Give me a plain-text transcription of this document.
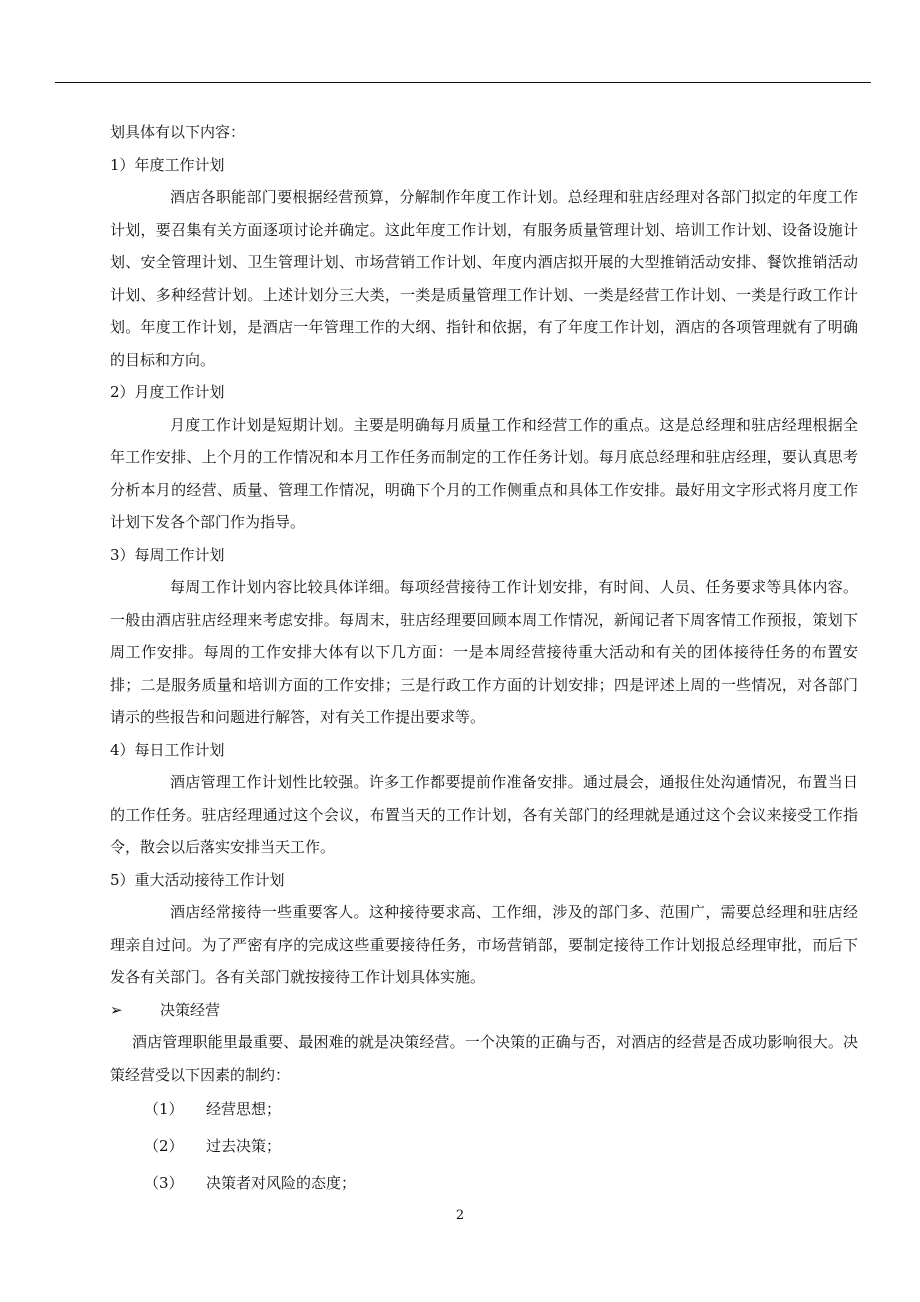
划具体有以下内容：
1）年度工作计划
酒店各职能部门要根据经营预算，分解制作年度工作计划。总经理和驻店经理对各部门拟定的年度工作计划，要召集有关方面逐项讨论并确定。这此年度工作计划，有服务质量管理计划、培训工作计划、设备设施计划、安全管理计划、卫生管理计划、市场营销工作计划、年度内酒店拟开展的大型推销活动安排、餐饮推销活动计划、多种经营计划。上述计划分三大类，一类是质量管理工作计划、一类是经营工作计划、一类是行政工作计划。年度工作计划，是酒店一年管理工作的大纲、指针和依据，有了年度工作计划，酒店的各项管理就有了明确的目标和方向。
2）月度工作计划
月度工作计划是短期计划。主要是明确每月质量工作和经营工作的重点。这是总经理和驻店经理根据全年工作安排、上个月的工作情况和本月工作任务而制定的工作任务计划。每月底总经理和驻店经理，要认真思考分析本月的经营、质量、管理工作情况，明确下个月的工作侧重点和具体工作安排。最好用文字形式将月度工作计划下发各个部门作为指导。
3）每周工作计划
每周工作计划内容比较具体详细。每项经营接待工作计划安排，有时间、人员、任务要求等具体内容。一般由酒店驻店经理来考虑安排。每周末，驻店经理要回顾本周工作情况，新闻记者下周客情工作预报，策划下周工作安排。每周的工作安排大体有以下几方面：一是本周经营接待重大活动和有关的团体接待任务的布置安排；二是服务质量和培训方面的工作安排；三是行政工作方面的计划安排；四是评述上周的一些情况，对各部门请示的些报告和问题进行解答，对有关工作提出要求等。
4）每日工作计划
酒店管理工作计划性比较强。许多工作都要提前作准备安排。通过晨会，通报住处沟通情况，布置当日的工作任务。驻店经理通过这个会议，布置当天的工作计划，各有关部门的经理就是通过这个会议来接受工作指令，散会以后落实安排当天工作。
5）重大活动接待工作计划
酒店经常接待一些重要客人。这种接待要求高、工作细，涉及的部门多、范围广，需要总经理和驻店经理亲自过问。为了严密有序的完成这些重要接待任务，市场营销部，要制定接待工作计划报总经理审批，而后下发各有关部门。各有关部门就按接待工作计划具体实施。
➢ 决策经营
酒店管理职能里最重要、最困难的就是决策经营。一个决策的正确与否，对酒店的经营是否成功影响很大。决策经营受以下因素的制约：
（1） 经营思想；
（2） 过去决策；
（3） 决策者对风险的态度；
2
